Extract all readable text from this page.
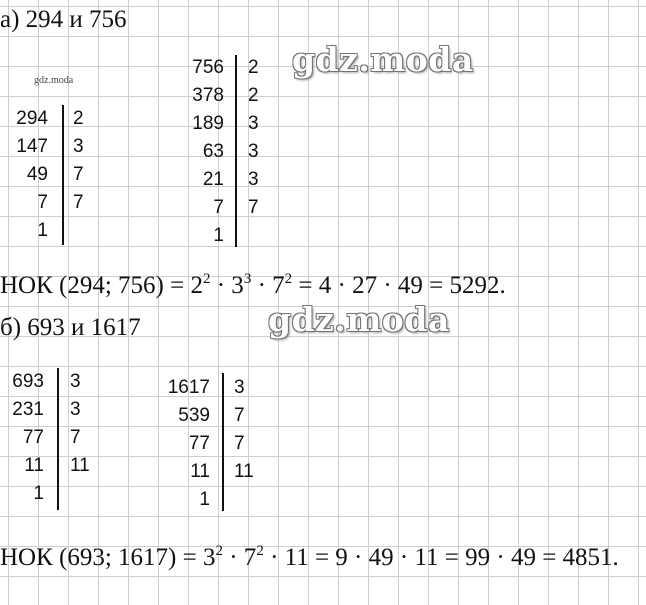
а) 294 и 756
gdz.moda
294
147
49
7
1
2
3
7
7
756
378
189
63
21
7
1
2
2
3
3
3
7
gdz.moda
НОК (294; $756) = 2^2 \cdot 3^3 \cdot 7^2 = 4 \cdot 27 \cdot 49 = 5292$.
б) 693 и 1617	gdz.moda
693
231
77
11
1
3
3
7
11
1617
539
77
11
1
3
7
7
11
НОК (693; $1617) = 3^2 \cdot 7^2 \cdot 11 = 9 \cdot 49 \cdot 11 = 99 \cdot 49 = 4851$.
